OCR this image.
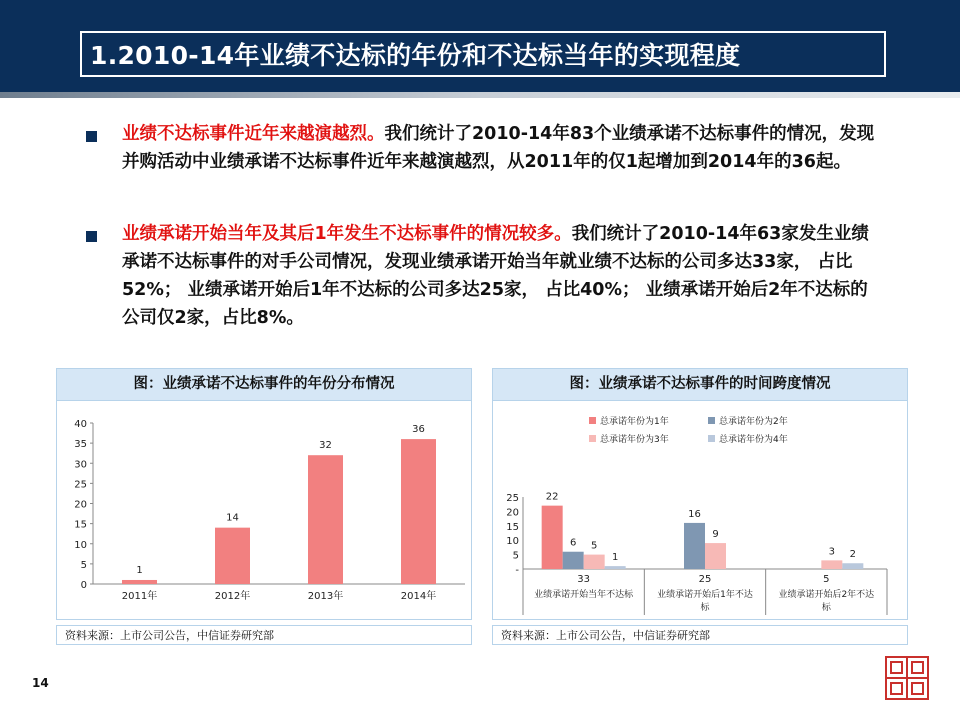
1.2010-14年业绩不达标的年份和不达标当年的实现程度
业绩不达标事件近年来越演越烈。我们统计了2010-14年83个业绩承诺不达标事件的情况，发现并购活动中业绩承诺不达标事件近年来越演越烈，从2011年的仅1起增加到2014年的36起。
业绩承诺开始当年及其后1年发生不达标事件的情况较多。我们统计了2010-14年63家发生业绩承诺不达标事件的对手公司情况，发现业绩承诺开始当年就业绩不达标的公司多达33家， 占比52%； 业绩承诺开始后1年不达标的公司多达25家， 占比40%； 业绩承诺开始后2年不达标的公司仅2家，占比8%。
图：业绩承诺不达标事件的年份分布情况
0
5
10
15
20
25
30
35
40
1
2011年
14
2012年
32
2013年
36
2014年
资料来源：上市公司公告，中信证券研究部
图：业绩承诺不达标事件的时间跨度情况
总承诺年份为1年	总承诺年份为2年
总承诺年份为3年	总承诺年份为4年
-
5
10
15
20
25	22
6 5
1
33
业绩承诺开始当年不达标
16
9
25
业绩承诺开始后1年不达
标
3 2
5
业绩承诺开始后2年不达
标
资料来源：上市公司公告，中信证券研究部
14
